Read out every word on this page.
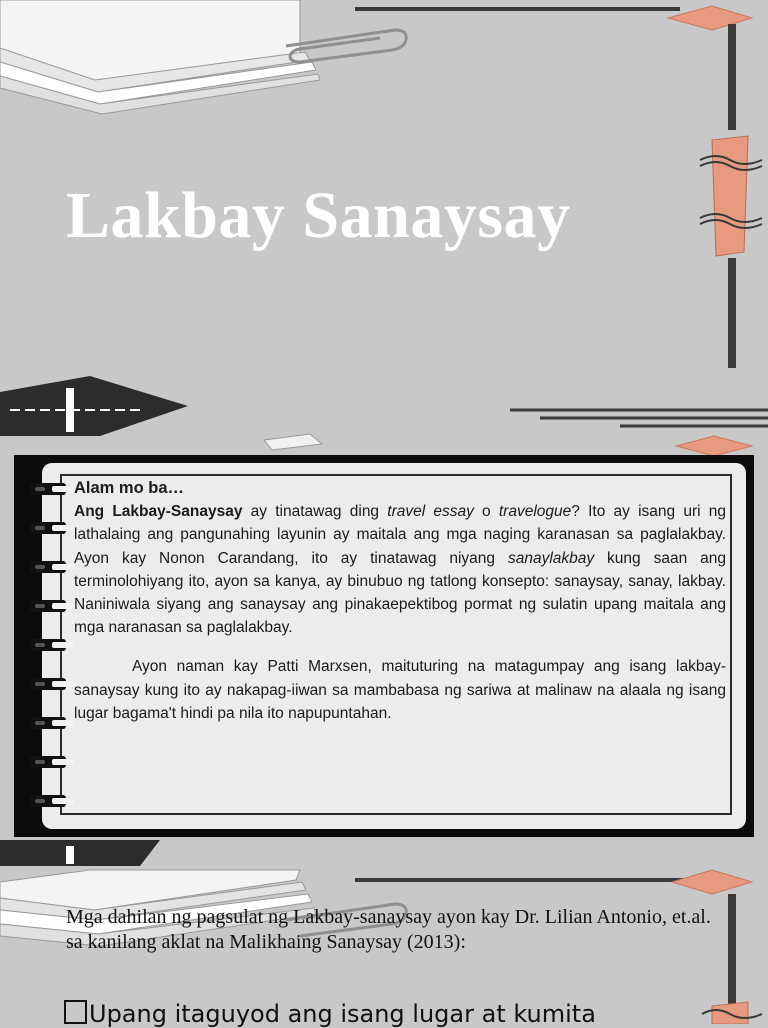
Lakbay Sanaysay

Alam mo ba…

Ang Lakbay-Sanaysay ay tinatawag ding travel essay o travelogue? Ito ay isang uri ng lathalaing ang pangunahing layunin ay maitala ang mga naging karanasan sa paglalakbay. Ayon kay Nonon Carandang, ito ay tinatawag niyang sanaylakbay kung saan ang terminolohiyang ito, ayon sa kanya, ay binubuo ng tatlong konsepto: sanaysay, sanay, lakbay. Naniniwala siyang ang sanaysay ang pinakaepektibog pormat ng sulatin upang maitala ang mga naranasan sa paglalakbay.

Ayon naman kay Patti Marxsen, maituturing na matagumpay ang isang lakbay-sanaysay kung ito ay nakapag-iiwan sa mambabasa ng sariwa at malinaw na alaala ng isang lugar bagama't hindi pa nila ito napupuntahan.

Mga dahilan ng pagsulat ng Lakbay-sanaysay ayon kay Dr. Lilian Antonio, et.al. sa kanilang aklat na Malikhaing Sanaysay (2013):

Upang itaguyod ang isang lugar at kumita
